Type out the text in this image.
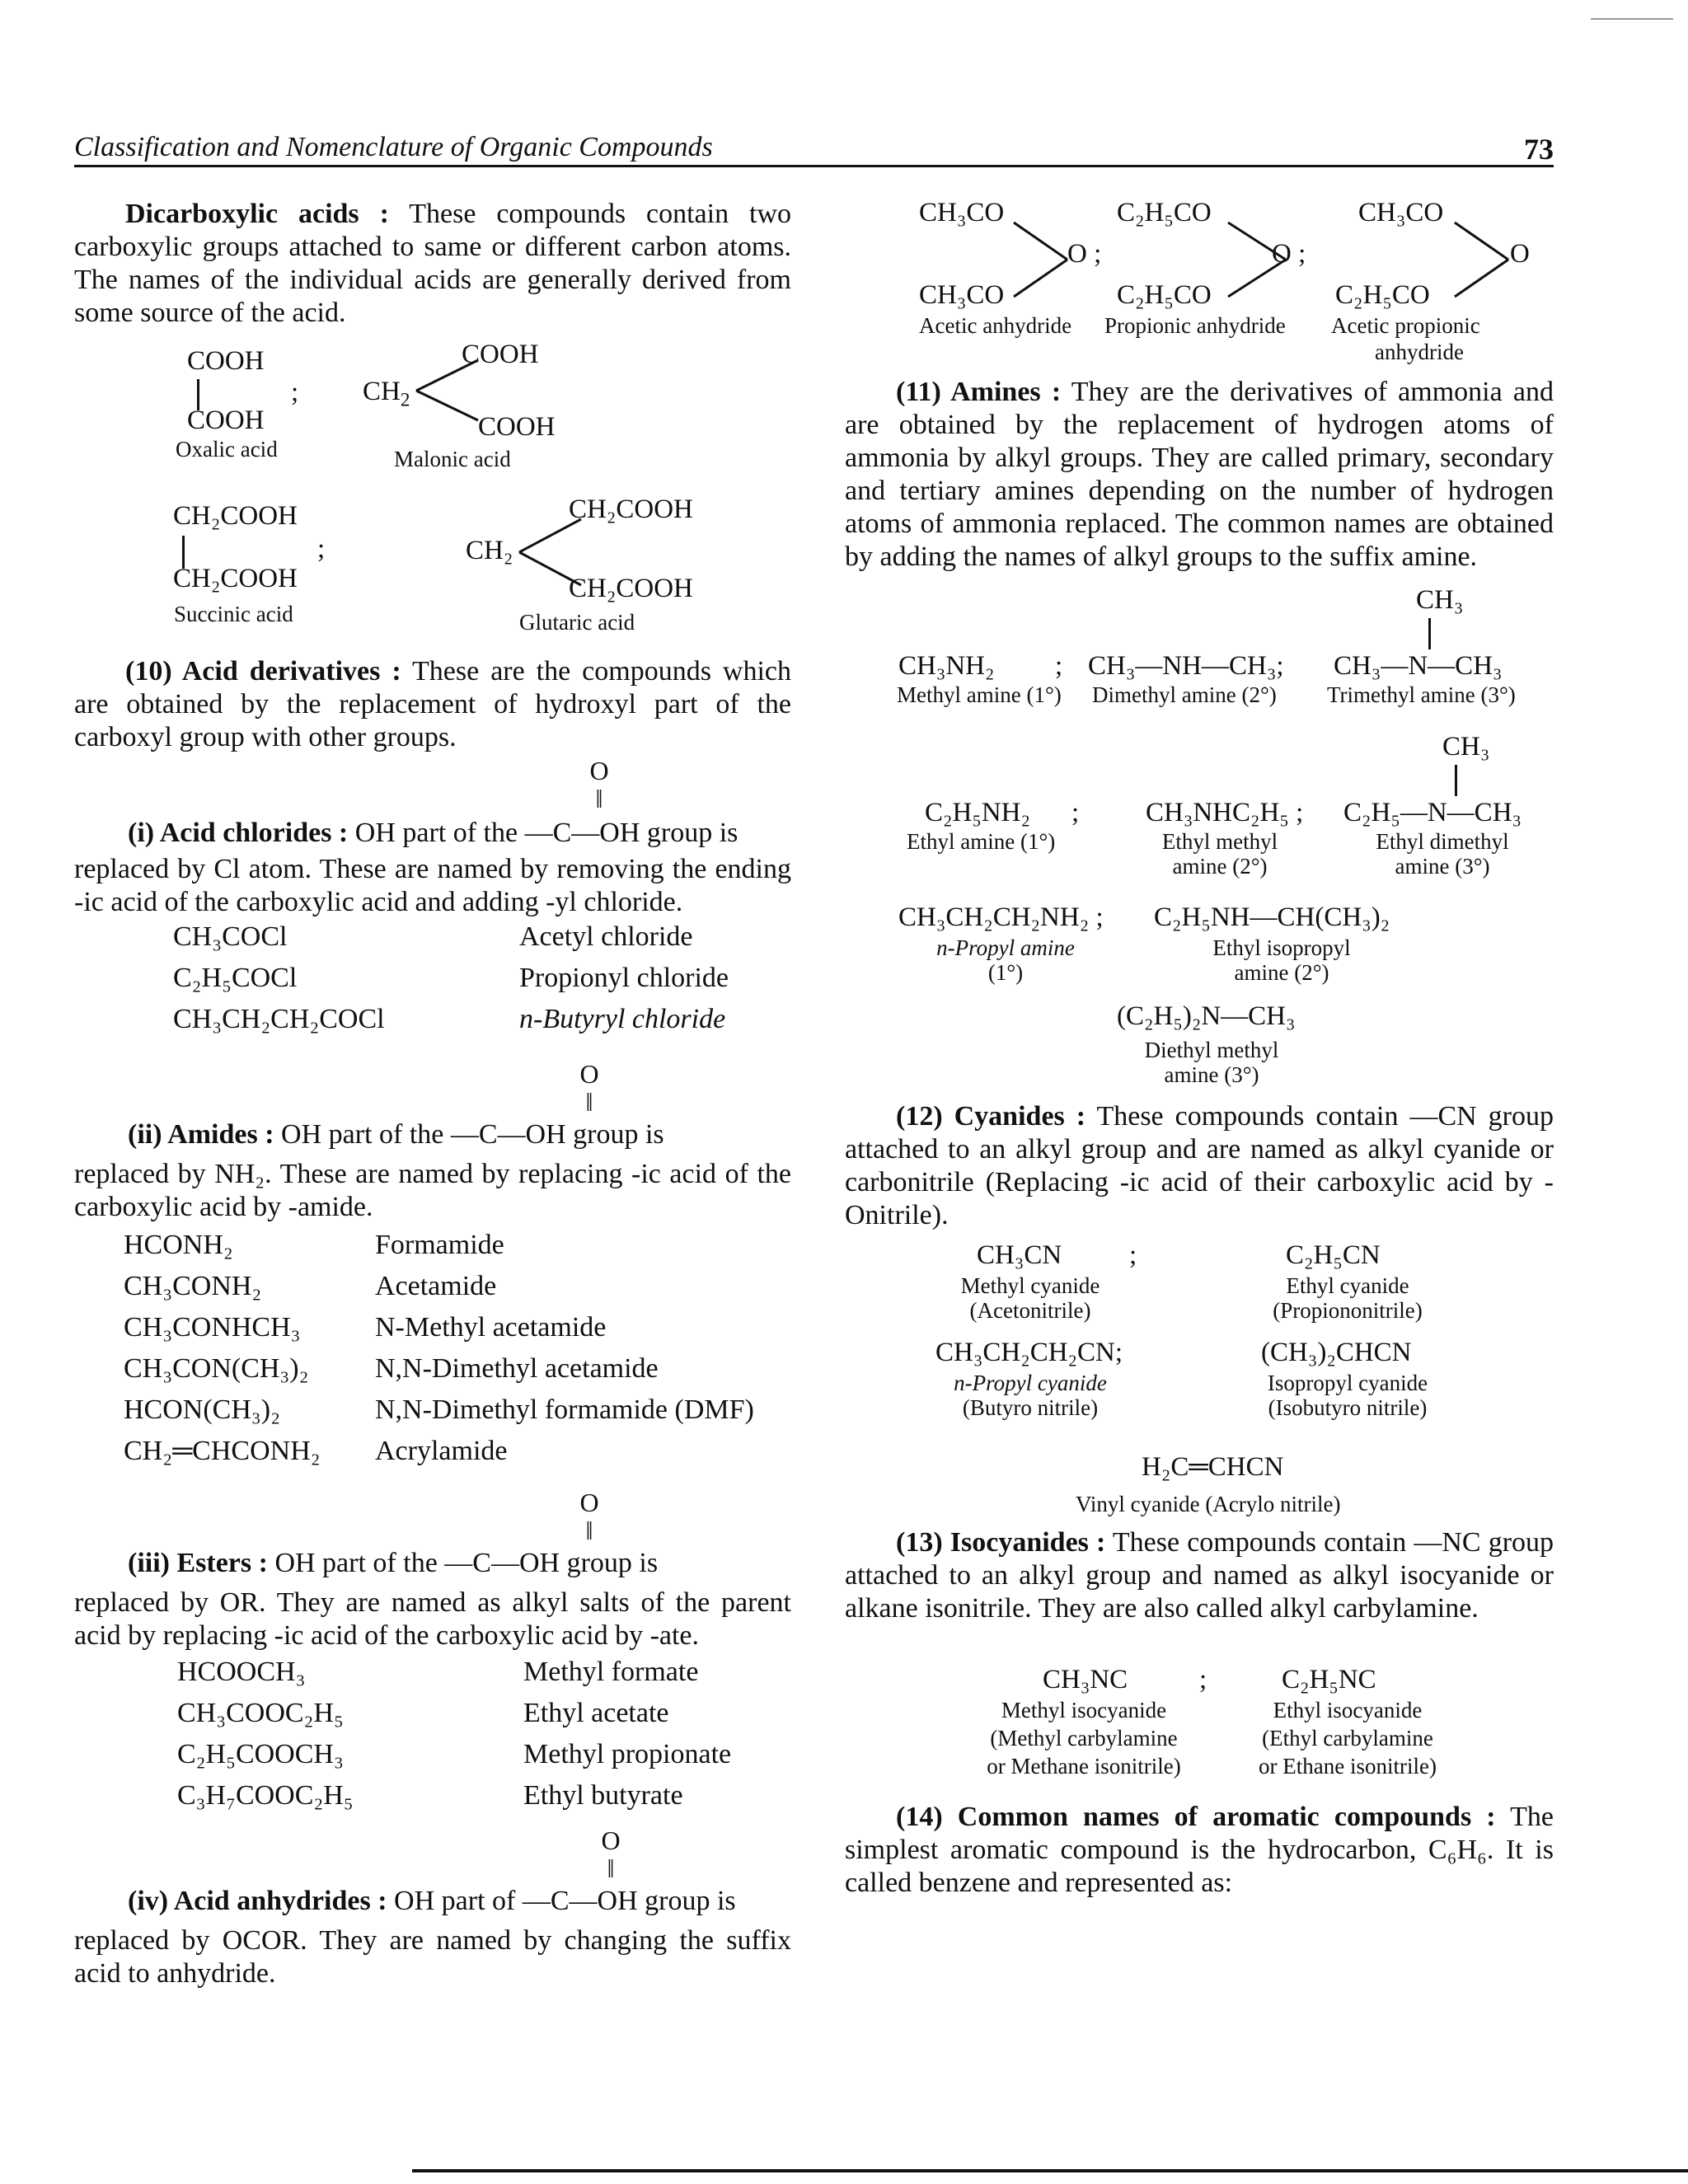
Classification and Nomenclature of Organic Compounds	73
Dicarboxylic acids : These compounds contain two carboxylic groups attached to same or different carbon atoms. The names of the individual acids are generally derived from some source of the acid.
COOH
COOH
;
Oxalic acid
$CH_2$
COOH
COOH
Malonic acid
CH₂COOH
CH₂COOH
;
Succinic acid
CH₂
CH₂COOH
CH₂COOH
Glutaric acid
(10) Acid derivatives : These are the compounds which are obtained by the replacement of hydroxyl part of the carboxyl group with other groups.
O
‖
(i) Acid chlorides : OH part of the —C—OH group is
replaced by Cl atom. These are named by removing the ending -ic acid of the carboxylic acid and adding -yl chloride.
CH₃COCl	Acetyl chloride
C₂H₅COCl	Propionyl chloride
CH₃CH₂CH₂COCl	n-Butyryl chloride
O
‖
(ii) Amides : OH part of the —C—OH group is
replaced by NH₂. These are named by replacing -ic acid of the carboxylic acid by -amide.
HCONH₂	Formamide
CH₃CONH₂	Acetamide
CH₃CONHCH₃	N-Methyl acetamide
CH₃CON(CH₃)₂ N,N-Dimethyl acetamide
HCON(CH₃)₂	N,N-Dimethyl formamide (DMF)
CH₂═CHCONH₂ Acrylamide
O
‖
(iii) Esters : OH part of the —C—OH group is
replaced by OR. They are named as alkyl salts of the parent acid by replacing -ic acid of the carboxylic acid by -ate.
HCOOCH₃	Methyl formate
CH₃COOC₂H₅	Ethyl acetate
C₂H₅COOCH₃	Methyl propionate
C₃H₇COOC₂H₅	Ethyl butyrate
O
‖
(iv) Acid anhydrides : OH part of —C—OH group is
replaced by OCOR. They are named by changing the suffix acid to anhydride.
CH₃CO
O ;
CH₃CO
Acetic anhydride
C₂H₅CO
O ;
C₂H₅CO
Propionic anhydride
CH₃CO
O
C₂H₅CO
Acetic propionic
anhydride
(11) Amines : They are the derivatives of ammonia and are obtained by the replacement of hydrogen atoms of ammonia by alkyl groups. They are called primary, secondary and tertiary amines depending on the number of hydrogen atoms of ammonia replaced. The common names are obtained by adding the names of alkyl groups to the suffix amine.
CH₃
CH₃NH₂ ; CH₃—NH—CH₃; CH₃—N—CH₃
Methyl amine (1°) Dimethyl amine (2°) Trimethyl amine (3°)
CH₃
C₂H₅NH₂ ; CH₃NHC₂H₅ ; C₂H₅—N—CH₃
Ethyl amine (1°)	Ethyl methyl
amine (2°)
Ethyl dimethyl
amine (3°)
CH₃CH₂CH₂NH₂ ; C₂H₅NH—CH(CH₃)₂
n-Propyl amine
(1°)
Ethyl isopropyl
amine (2°)
(C₂H₅)₂N—CH₃
Diethyl methyl
amine (3°)
(12) Cyanides : These compounds contain —CN group attached to an alkyl group and are named as alkyl cyanide or carbonitrile (Replacing -ic acid of their carboxylic acid by -Onitrile).
CH₃CN ;
Methyl cyanide
(Acetonitrile)
C₂H₅CN
Ethyl cyanide
(Propiononitrile)
CH₃CH₂CH₂CN;
n-Propyl cyanide
(Butyro nitrile)
(CH₃)₂CHCN
Isopropyl cyanide
(Isobutyro nitrile)
H₂C═CHCN
Vinyl cyanide (Acrylo nitrile)
(13) Isocyanides : These compounds contain —NC group attached to an alkyl group and named as alkyl isocyanide or alkane isonitrile. They are also called alkyl carbylamine.
CH₃NC	;
Methyl isocyanide
(Methyl carbylamine
or Methane isonitrile)
C₂H₅NC
Ethyl isocyanide
(Ethyl carbylamine
or Ethane isonitrile)
(14) Common names of aromatic compounds : The simplest aromatic compound is the hydrocarbon, C₆H₆. It is called benzene and represented as:
